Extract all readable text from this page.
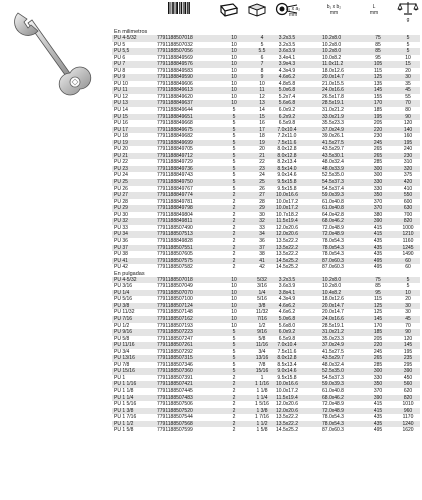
a₁ x a₂
mm
b₁ x b₂
mm
L
mm
g
En milimetros
PU 4-5/32	7791188507018	10	4	3.2x3.5	10.2x8.0	75	5
PU 5	7791188507032	10	5	3.2x3.5	10.2x8.0	85	5
PU 5,5	7791188507056	10	5.5	3.6x3.9	10.2x8.0	85	5
PU 6	7791188849569	10	6	3.4x4.1	10.0x8.2	95	10
PU 7	7791188849576	10	7	3.9x4.3	11.0x11.2	105	15
PU 8	7791188849583	10	8	4.3x4.9	18.0x12.6	115	20
PU 9	7791188849590	10	9	4.6x6.2	20.0x14.7	125	30
PU 10	7791188849606	10	10	4.8x5.8	21.0x15.5	135	35
PU 11	7791188849613	10	11	5.0x6.8	24.0x16.6	145	45
PU 12	7791188849620	10	12	5.2x7.4	26.5x17.8	155	55
PU 13	7791188849637	10	13	5.6x6.8	28.5x19.1	170	70
PU 14	7791188849644	5	14	6.0x9.2	31.0x21.2	185	80
PU 15	7791188849651	5	15	6.2x9.2	33.0x21.9	195	90
PU 16	7791188849668	5	16	6.5x9.8	35.5x23.3	205	120
PU 17	7791188849675	5	17	7.0x10.4	37.0x24.9	220	140
PU 18	7791188849682	5	18	7.2x11.0	39.0x26.1	230	160
PU 19	7791188849699	5	19	7.5x11.6	41.5x27.5	245	195
PU 20	7791188849705	5	20	8.0x12.8	43.5x29.7	265	240
PU 21	7791188849712	5	21	8.0x12.8	43.5x30.1	265	230
PU 22	7791188849729	5	22	8.2x13.4	48.0x32.4	285	310
PU 23	7791188849736	5	23	8.5x14.0	48.0x33.9	300	320
PU 24	7791188849743	5	24	9.0x14.6	52.5x35.0	300	375
PU 25	7791188849750	5	25	9.5x15.8	54.5x37.3	330	420
PU 26	7791188849767	5	26	9.5x15.8	54.5x37.4	330	410
PU 27	7791188849774	2	27	10.0x16.6	59.0x39.3	350	550
PU 28	7791188849781	2	28	10.0x17.2	61.0x40.8	370	600
PU 29	7791188849798	2	29	10.0x17.2	61.0x40.8	370	630
PU 30	7791188849804	2	30	10.7x18.2	64.0x42.8	380	700
PU 32	7791188849811	2	32	11.5x19.4	68.0x46.2	390	820
PU 33	7791188507490	2	33	12.0x20.6	72.0x48.9	415	1000
PU 34	7791188507513	2	34	12.0x20.6	72.0x48.9	415	1210
PU 36	7791188849828	2	36	13.5x22.2	78.0x54.3	435	1160
PU 37	7791188507551	2	37	13.5x22.2	78.0x54.3	435	1245
PU 38	7791188507605	2	38	13.5x22.2	78.0x54.3	435	1490
PU 41	7791188507575	2	41	14.5x25.2	87.0x60.3	495	60
PU 42	7791188507582	2	42	14.5x25.2	87.0x60.3	495	60
En pulgadas
PU 4-5/32	7791188507018	10	5/32	3.2x3.5	10.2x8.0	75	5
PU 3/16	7791188507049	10	3/16	3.6x3.9	10.2x8.0	85	5
PU 1/4	7791188507070	10	1/4	3.8x4.1	10.4x8.2	95	10
PU 5/16	7791188507100	10	5/16	4.3x4.9	18.0x12.6	115	20
PU 3/8	7791188507124	10	3/8	4.6x6.2	20.0x14.7	125	30
PU 11/32	7791188507148	10	11/32	4.6x6.2	20.0x14.7	125	30
PU 7/16	7791188507162	10	7/16	5.0x6.8	24.0x16.6	145	45
PU 1/2	7791188507193	10	1/2	5.6x8.0	28.5x19.1	170	70
PU 9/16	7791188507223	5	9/16	6.0x9.2	31.0x21.2	185	90
PU 5/8	7791188507247	5	5/8	6.5x9.8	35.0x23.3	205	120
PU 11/16	7791188507261	5	11/16	7.0x10.4	37.0x24.9	220	145
PU 3/4	7791188507292	5	3/4	7.5x11.6	41.5x27.5	245	195
PU 13/16	7791188507315	5	13/16	8.0x12.8	43.5x29.7	265	235
PU 7/8	7791188507346	5	7/8	8.5x13.4	48.0x32.4	285	295
PU 15/16	7791188507360	5	15/16	9.0x14.6	52.5x35.0	300	390
PU 1	7791188507391	2	1	9.5x15.8	54.5x37.3	330	450
PU 1 1/16	7791188507421	2	1 1/16	10.0x16.6	59.0x39.3	350	560
PU 1 1/8	7791188507445	2	1 1/8	10.0x17.2	61.0x40.8	370	620
PU 1 1/4	7791188507483	2	1 1/4	11.5x19.4	68.0x46.2	390	820
PU 1 5/16	7791188507506	2	1 5/16	12.0x20.6	72.0x48.9	415	1010
PU 1 3/8	7791188507520	2	1 3/8	12.0x20.6	72.0x48.9	415	960
PU 1 7/16	7791188507544	2	1 7/16	13.5x22.2	78.0x54.3	435	1170
PU 1 1/2	7791188507568	2	1 1/2	13.5x22.2	78.0x54.3	435	1240
PU 1 5/8	7791188507599	2	1 5/8	14.5x25.2	87.0x60.3	495	1620
